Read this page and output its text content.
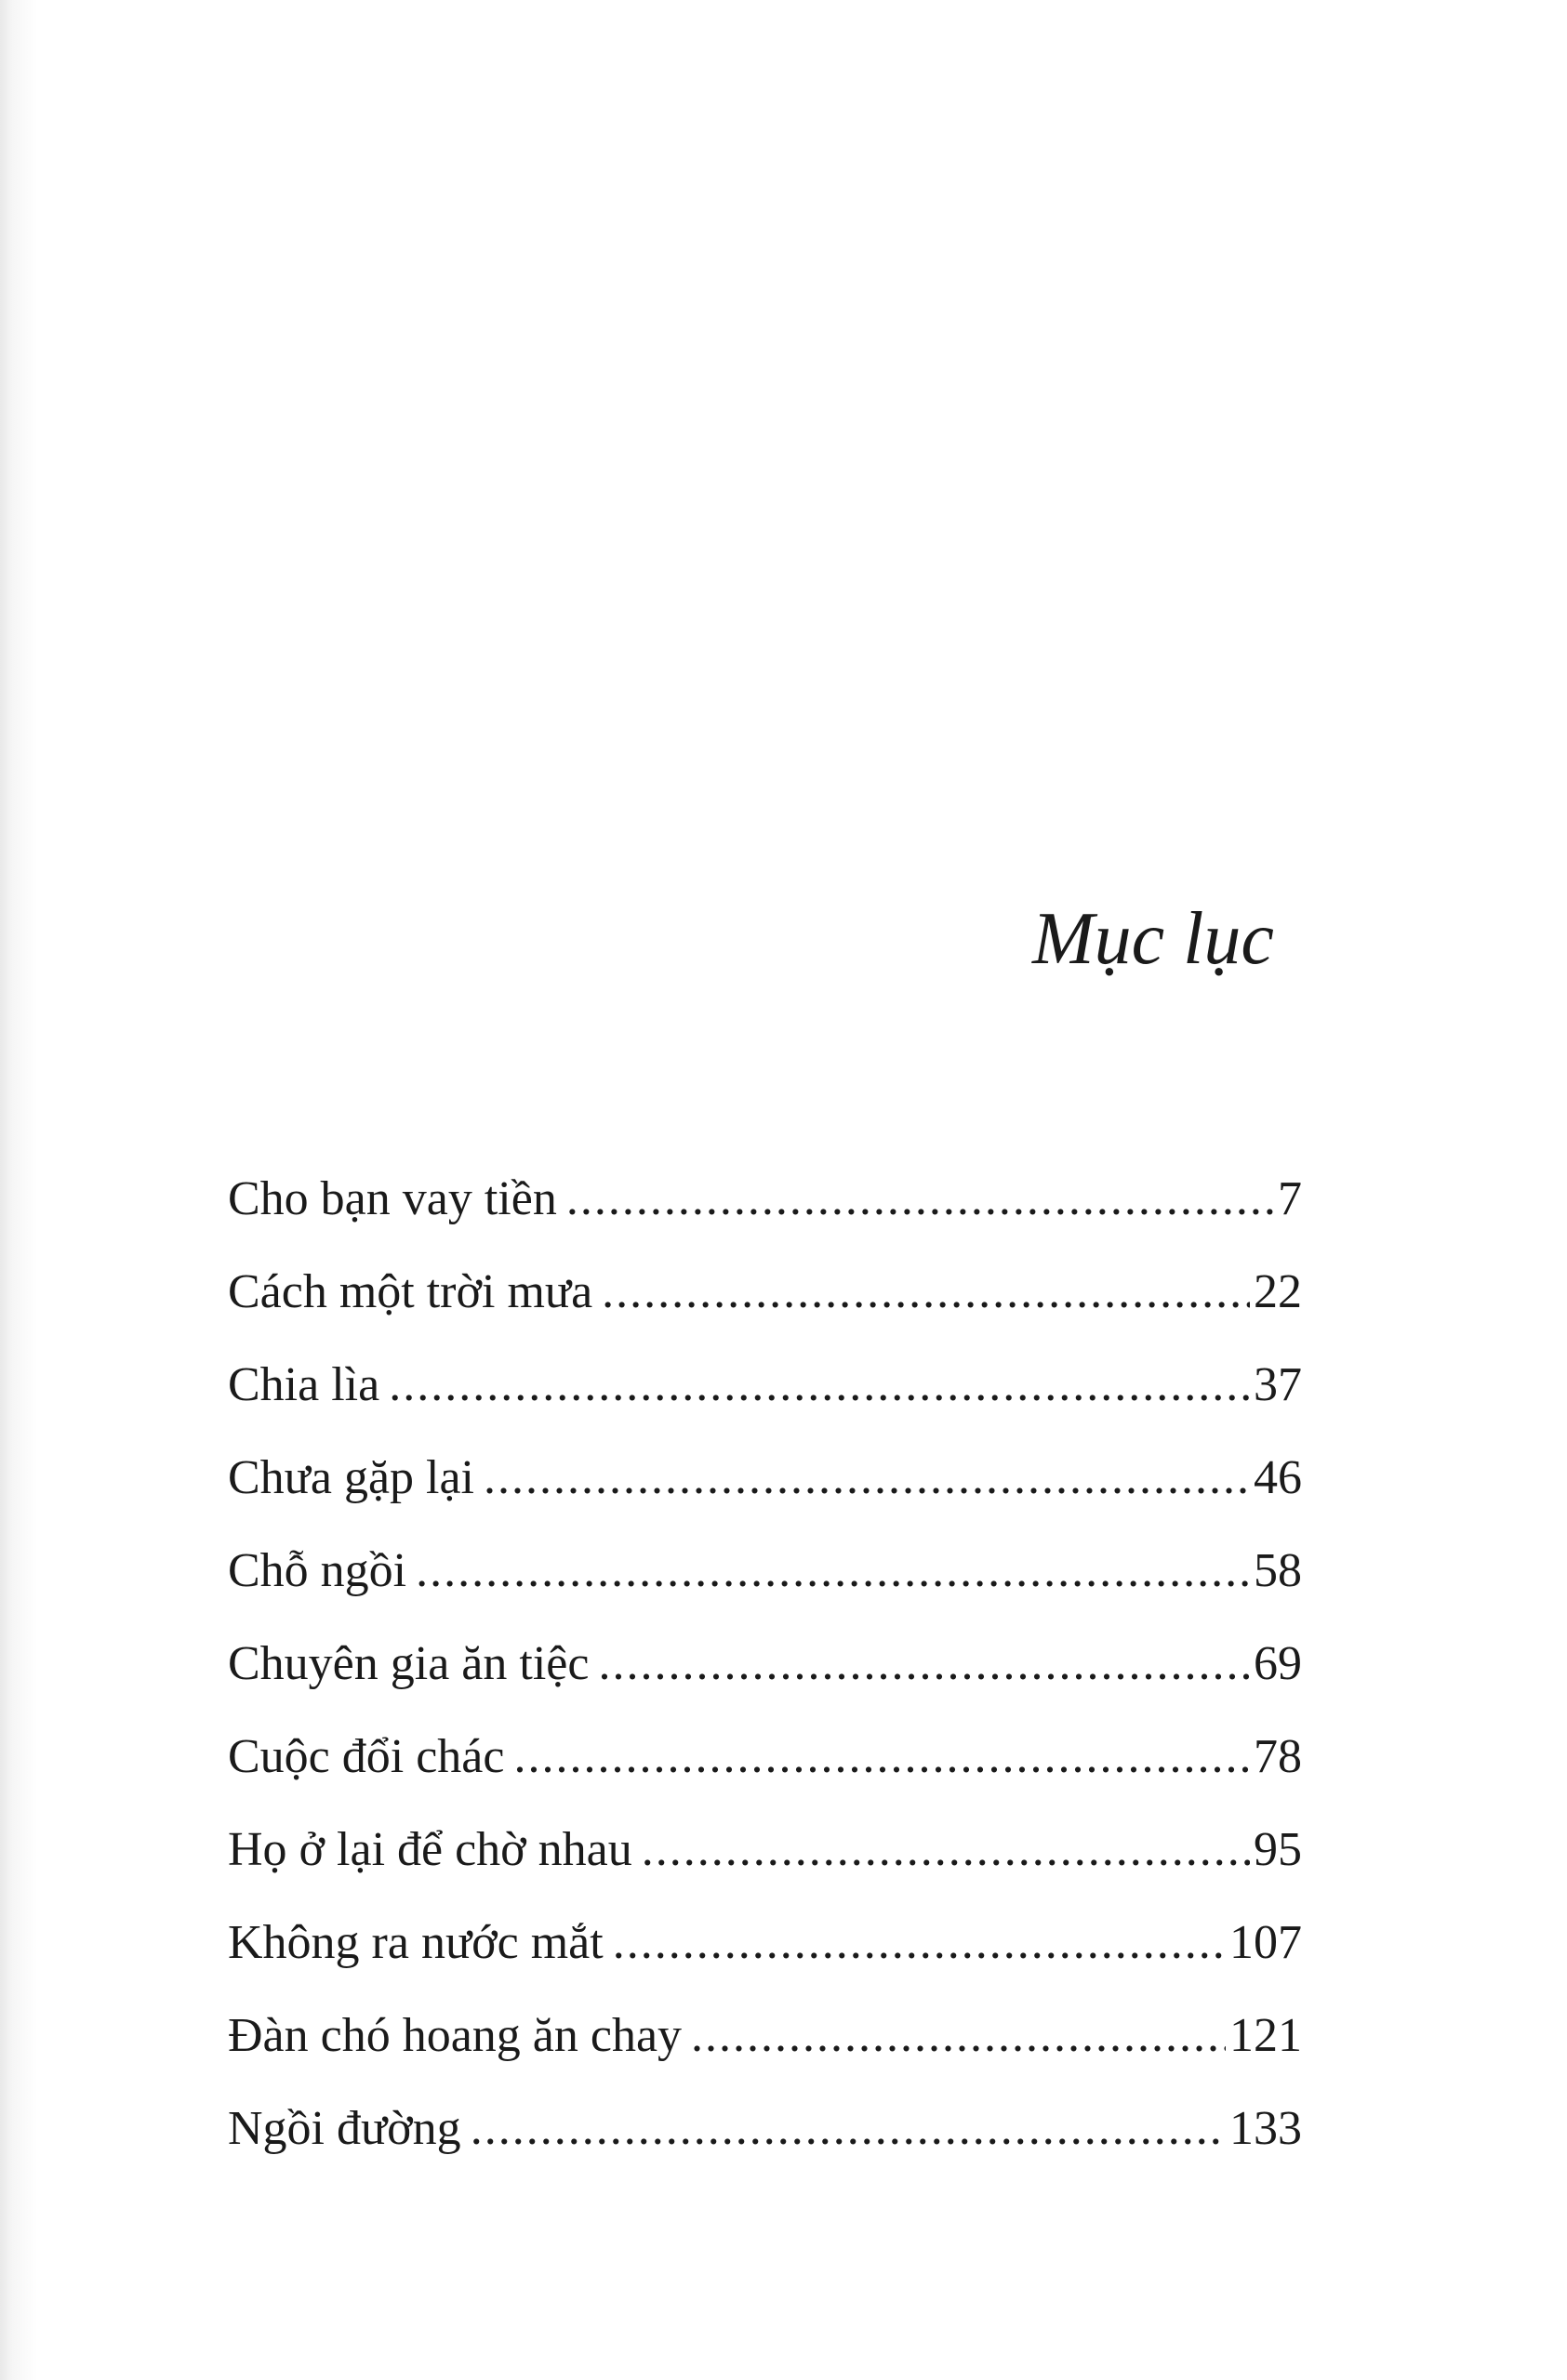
Mục lục
Cho bạn vay tiền .....	7
Cách một trời mưa .....	22
Chia lìa .....	37
Chưa gặp lại .....	46
Chỗ ngồi .....	58
Chuyên gia ăn tiệc .....	69
Cuộc đổi chác .....	78
Họ ở lại để chờ nhau .....	95
Không ra nước mắt .....	107
Đàn chó hoang ăn chay .....	121
Ngồi đường .....	133
